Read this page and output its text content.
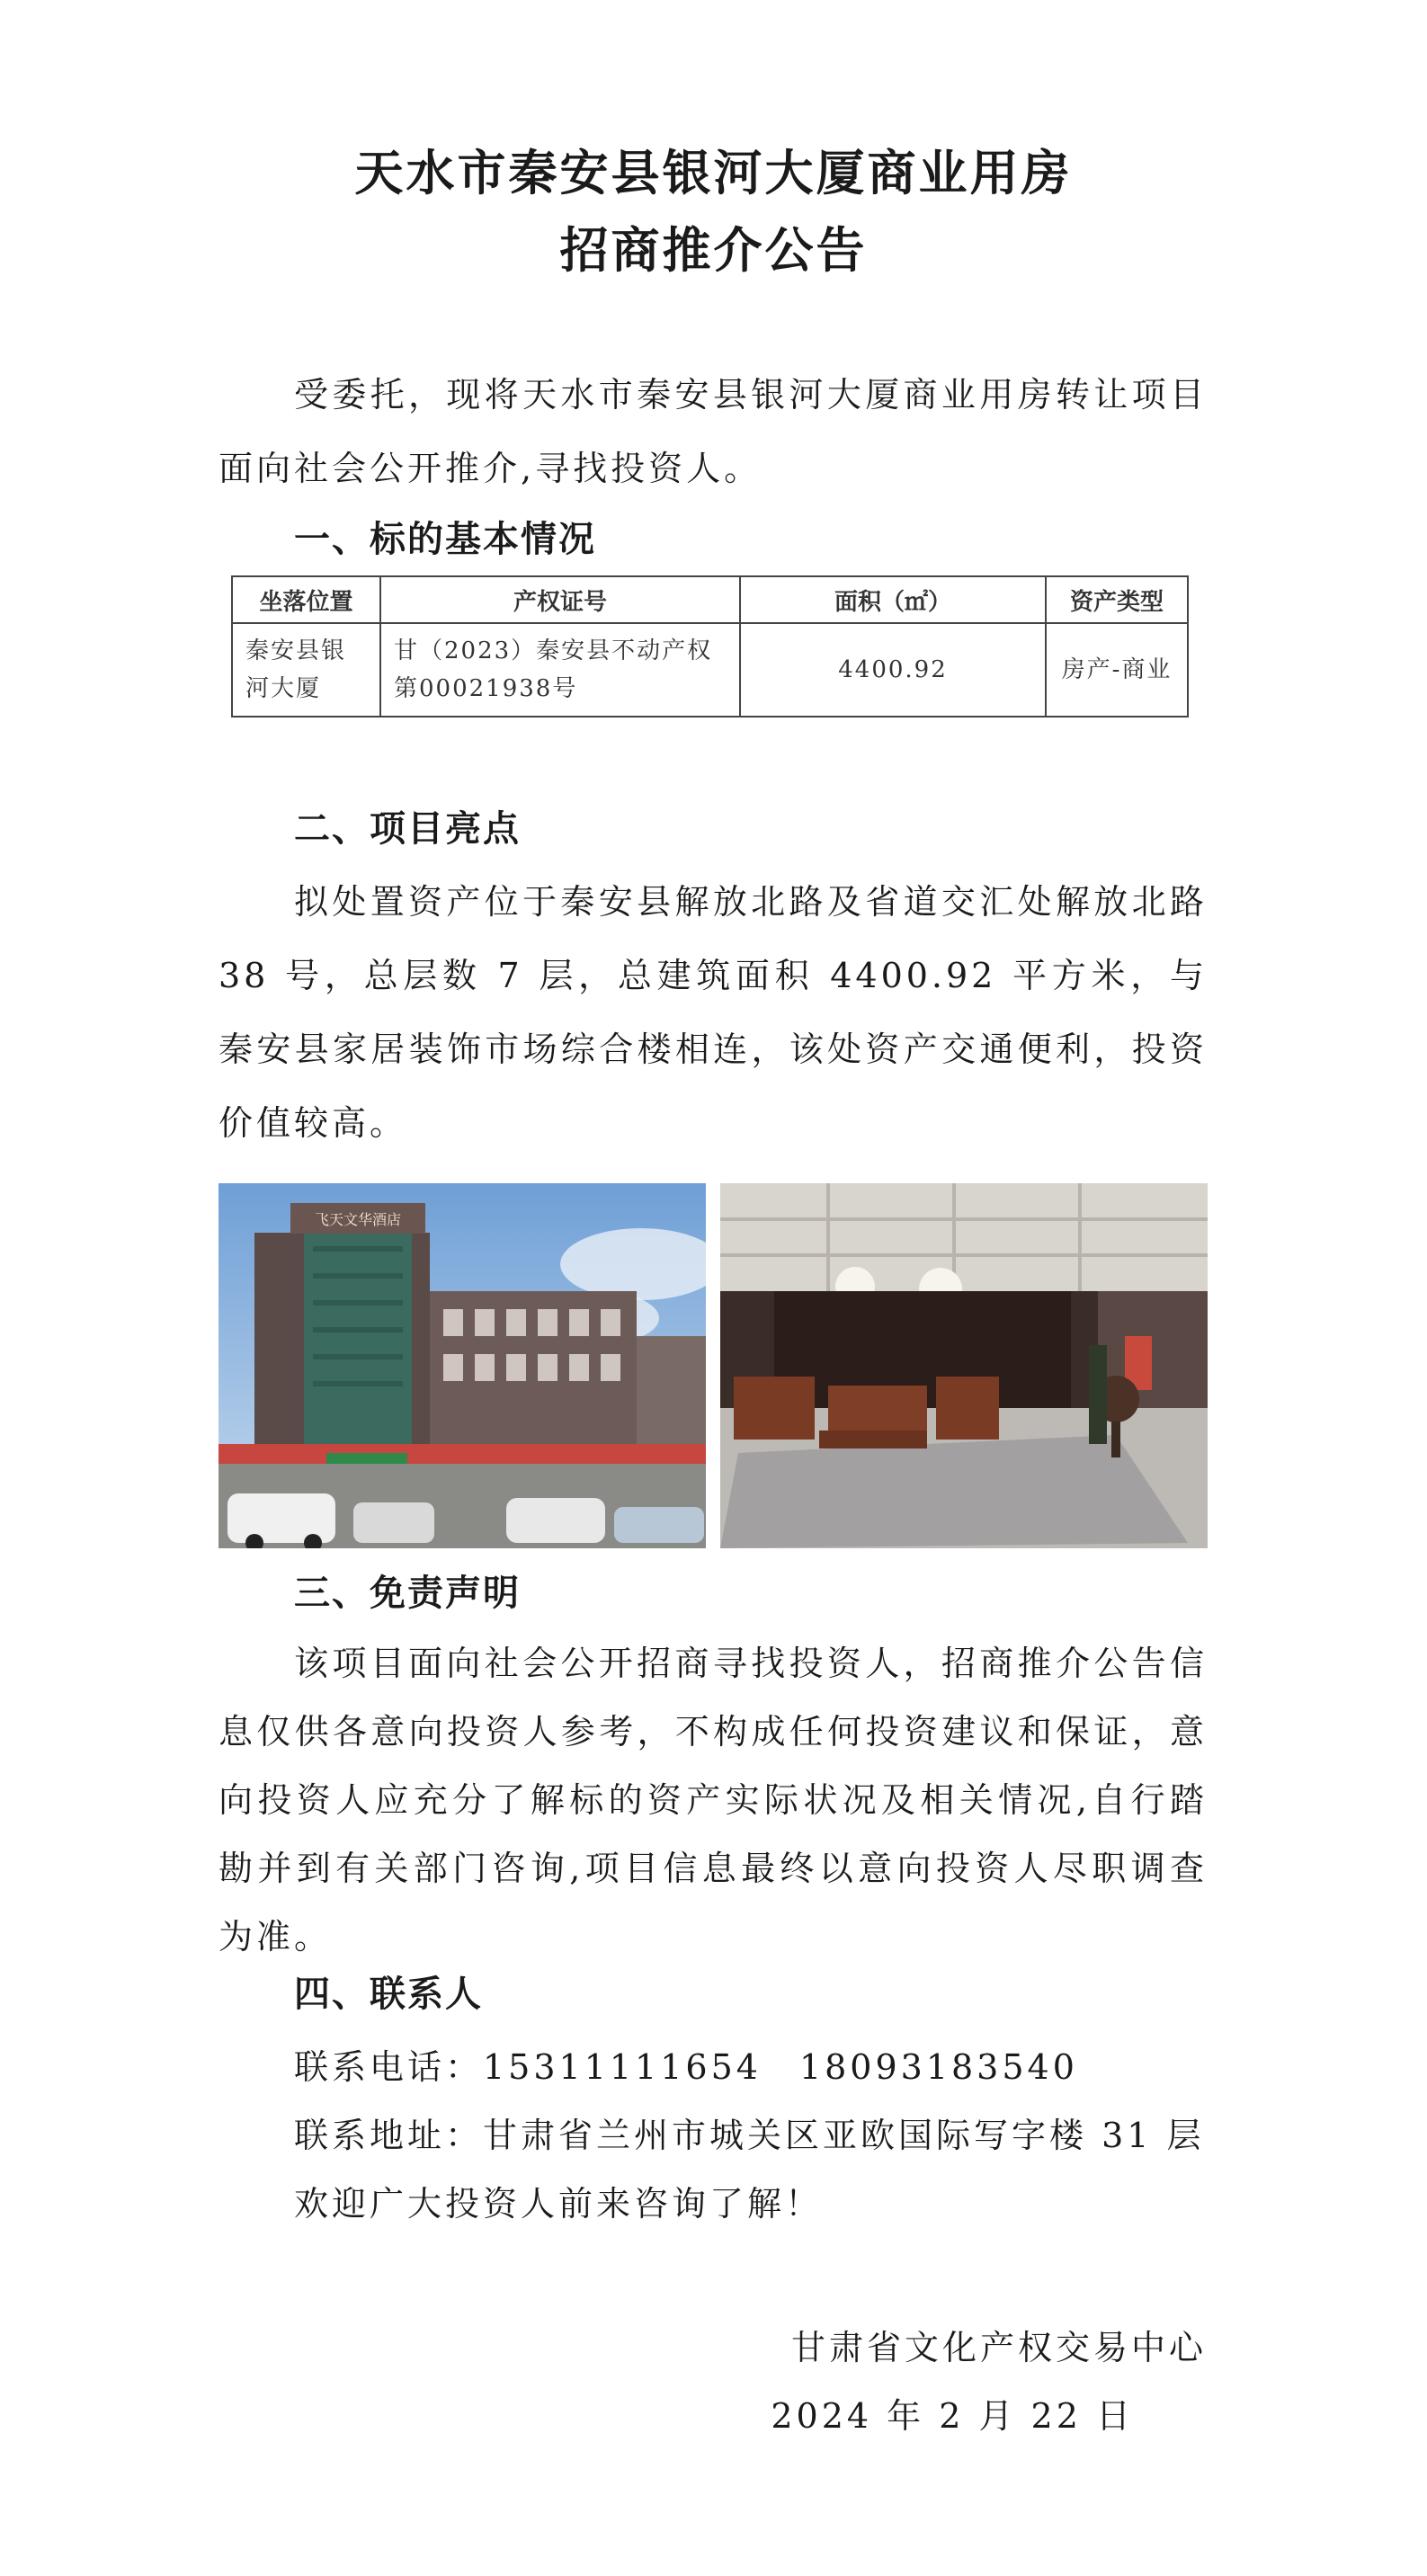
天水市秦安县银河大厦商业用房
招商推介公告
受委托，现将天水市秦安县银河大厦商业用房转让项目面向社会公开推介,寻找投资人。
一、标的基本情况
坐落位置	产权证号	面积（㎡）	资产类型
秦安县银河大厦	甘（2023）秦安县不动产权第00021938号	4400.92	房产-商业
二、项目亮点
拟处置资产位于秦安县解放北路及省道交汇处解放北路 38 号，总层数 7 层，总建筑面积 4400.92 平方米，与秦安县家居装饰市场综合楼相连，该处资产交通便利，投资价值较高。
飞天文华酒店
三、免责声明
该项目面向社会公开招商寻找投资人，招商推介公告信息仅供各意向投资人参考，不构成任何投资建议和保证，意向投资人应充分了解标的资产实际状况及相关情况,自行踏勘并到有关部门咨询,项目信息最终以意向投资人尽职调查为准。
四、联系人
联系电话：15311111654　18093183540
联系地址：甘肃省兰州市城关区亚欧国际写字楼 31 层
欢迎广大投资人前来咨询了解！
甘肃省文化产权交易中心
2024 年 2 月 22 日
